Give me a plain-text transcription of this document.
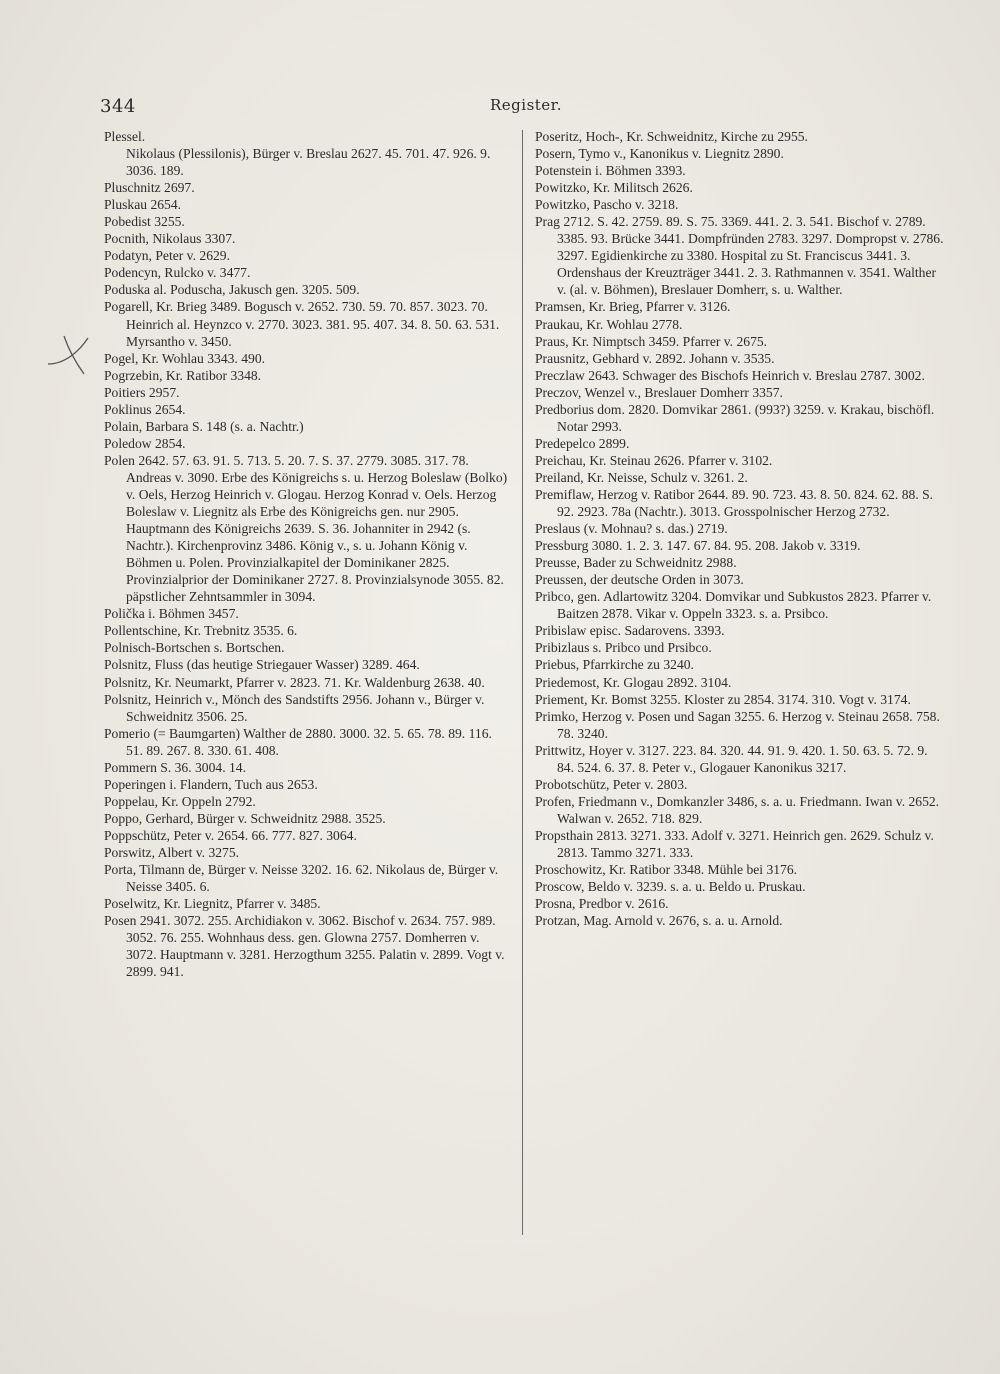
344	Register.
Plessel.
Nikolaus (Plessilonis), Bürger v. Breslau 2627. 45. 701. 47. 926. 9. 3036. 189.
Pluschnitz 2697.
Pluskau 2654.
Pobedist 3255.
Pocnith, Nikolaus 3307.
Podatyn, Peter v. 2629.
Podencyn, Rulcko v. 3477.
Poduska al. Poduscha, Jakusch gen. 3205. 509.
Pogarell, Kr. Brieg 3489. Bogusch v. 2652. 730. 59. 70. 857. 3023. 70. Heinrich al. Heynzco v. 2770. 3023. 381. 95. 407. 34. 8. 50. 63. 531. Myrsantho v. 3450.
Pogel, Kr. Wohlau 3343. 490.
Pogrzebin, Kr. Ratibor 3348.
Poitiers 2957.
Poklinus 2654.
Polain, Barbara S. 148 (s. a. Nachtr.)
Poledow 2854.
Polen 2642. 57. 63. 91. 5. 713. 5. 20. 7. S. 37. 2779. 3085. 317. 78. Andreas v. 3090. Erbe des Königreichs s. u. Herzog Boleslaw (Bolko) v. Oels, Herzog Heinrich v. Glogau. Herzog Konrad v. Oels. Herzog Boleslaw v. Liegnitz als Erbe des Königreichs gen. nur 2905. Hauptmann des Königreichs 2639. S. 36. Johanniter in 2942 (s. Nachtr.). Kirchenprovinz 3486. König v., s. u. Johann König v. Böhmen u. Polen. Provinzialkapitel der Dominikaner 2825. Provinzialprior der Dominikaner 2727. 8. Provinzialsynode 3055. 82. päpstlicher Zehntsammler in 3094.
Polička i. Böhmen 3457.
Pollentschine, Kr. Trebnitz 3535. 6.
Polnisch-Bortschen s. Bortschen.
Polsnitz, Fluss (das heutige Striegauer Wasser) 3289. 464.
Polsnitz, Kr. Neumarkt, Pfarrer v. 2823. 71. Kr. Waldenburg 2638. 40.
Polsnitz, Heinrich v., Mönch des Sandstifts 2956. Johann v., Bürger v. Schweidnitz 3506. 25.
Pomerio (= Baumgarten) Walther de 2880. 3000. 32. 5. 65. 78. 89. 116. 51. 89. 267. 8. 330. 61. 408.
Pommern S. 36. 3004. 14.
Poperingen i. Flandern, Tuch aus 2653.
Poppelau, Kr. Oppeln 2792.
Poppo, Gerhard, Bürger v. Schweidnitz 2988. 3525.
Poppschütz, Peter v. 2654. 66. 777. 827. 3064.
Porswitz, Albert v. 3275.
Porta, Tilmann de, Bürger v. Neisse 3202. 16. 62. Nikolaus de, Bürger v. Neisse 3405. 6.
Poselwitz, Kr. Liegnitz, Pfarrer v. 3485.
Posen 2941. 3072. 255. Archidiakon v. 3062. Bischof v. 2634. 757. 989. 3052. 76. 255. Wohnhaus dess. gen. Glowna 2757. Domherren v. 3072. Hauptmann v. 3281. Herzogthum 3255. Palatin v. 2899. Vogt v. 2899. 941.
Poseritz, Hoch-, Kr. Schweidnitz, Kirche zu 2955.
Posern, Tymo v., Kanonikus v. Liegnitz 2890.
Potenstein i. Böhmen 3393.
Powitzko, Kr. Militsch 2626.
Powitzko, Pascho v. 3218.
Prag 2712. S. 42. 2759. 89. S. 75. 3369. 441. 2. 3. 541. Bischof v. 2789. 3385. 93. Brücke 3441. Dompfründen 2783. 3297. Dompropst v. 2786. 3297. Egidienkirche zu 3380. Hospital zu St. Franciscus 3441. 3. Ordenshaus der Kreuzträger 3441. 2. 3. Rathmannen v. 3541. Walther v. (al. v. Böhmen), Breslauer Domherr, s. u. Walther.
Pramsen, Kr. Brieg, Pfarrer v. 3126.
Praukau, Kr. Wohlau 2778.
Praus, Kr. Nimptsch 3459. Pfarrer v. 2675.
Prausnitz, Gebhard v. 2892. Johann v. 3535.
Preczlaw 2643. Schwager des Bischofs Heinrich v. Breslau 2787. 3002.
Preczov, Wenzel v., Breslauer Domherr 3357.
Predborius dom. 2820. Domvikar 2861. (993?) 3259. v. Krakau, bischöfl. Notar 2993.
Predepelco 2899.
Preichau, Kr. Steinau 2626. Pfarrer v. 3102.
Preiland, Kr. Neisse, Schulz v. 3261. 2.
Premiflaw, Herzog v. Ratibor 2644. 89. 90. 723. 43. 8. 50. 824. 62. 88. S. 92. 2923. 78a (Nachtr.). 3013. Grosspolnischer Herzog 2732.
Preslaus (v. Mohnau? s. das.) 2719.
Pressburg 3080. 1. 2. 3. 147. 67. 84. 95. 208. Jakob v. 3319.
Preusse, Bader zu Schweidnitz 2988.
Preussen, der deutsche Orden in 3073.
Pribco, gen. Adlartowitz 3204. Domvikar und Subkustos 2823. Pfarrer v. Baitzen 2878. Vikar v. Oppeln 3323. s. a. Prsibco.
Pribislaw episc. Sadarovens. 3393.
Pribizlaus s. Pribco und Prsibco.
Priebus, Pfarrkirche zu 3240.
Priedemost, Kr. Glogau 2892. 3104.
Priement, Kr. Bomst 3255. Kloster zu 2854. 3174. 310. Vogt v. 3174.
Primko, Herzog v. Posen und Sagan 3255. 6. Herzog v. Steinau 2658. 758. 78. 3240.
Prittwitz, Hoyer v. 3127. 223. 84. 320. 44. 91. 9. 420. 1. 50. 63. 5. 72. 9. 84. 524. 6. 37. 8. Peter v., Glogauer Kanonikus 3217.
Probotschütz, Peter v. 2803.
Profen, Friedmann v., Domkanzler 3486, s. a. u. Friedmann. Iwan v. 2652. Walwan v. 2652. 718. 829.
Propsthain 2813. 3271. 333. Adolf v. 3271. Heinrich gen. 2629. Schulz v. 2813. Tammo 3271. 333.
Proschowitz, Kr. Ratibor 3348. Mühle bei 3176.
Proscow, Beldo v. 3239. s. a. u. Beldo u. Pruskau.
Prosna, Predbor v. 2616.
Protzan, Mag. Arnold v. 2676, s. a. u. Arnold.
